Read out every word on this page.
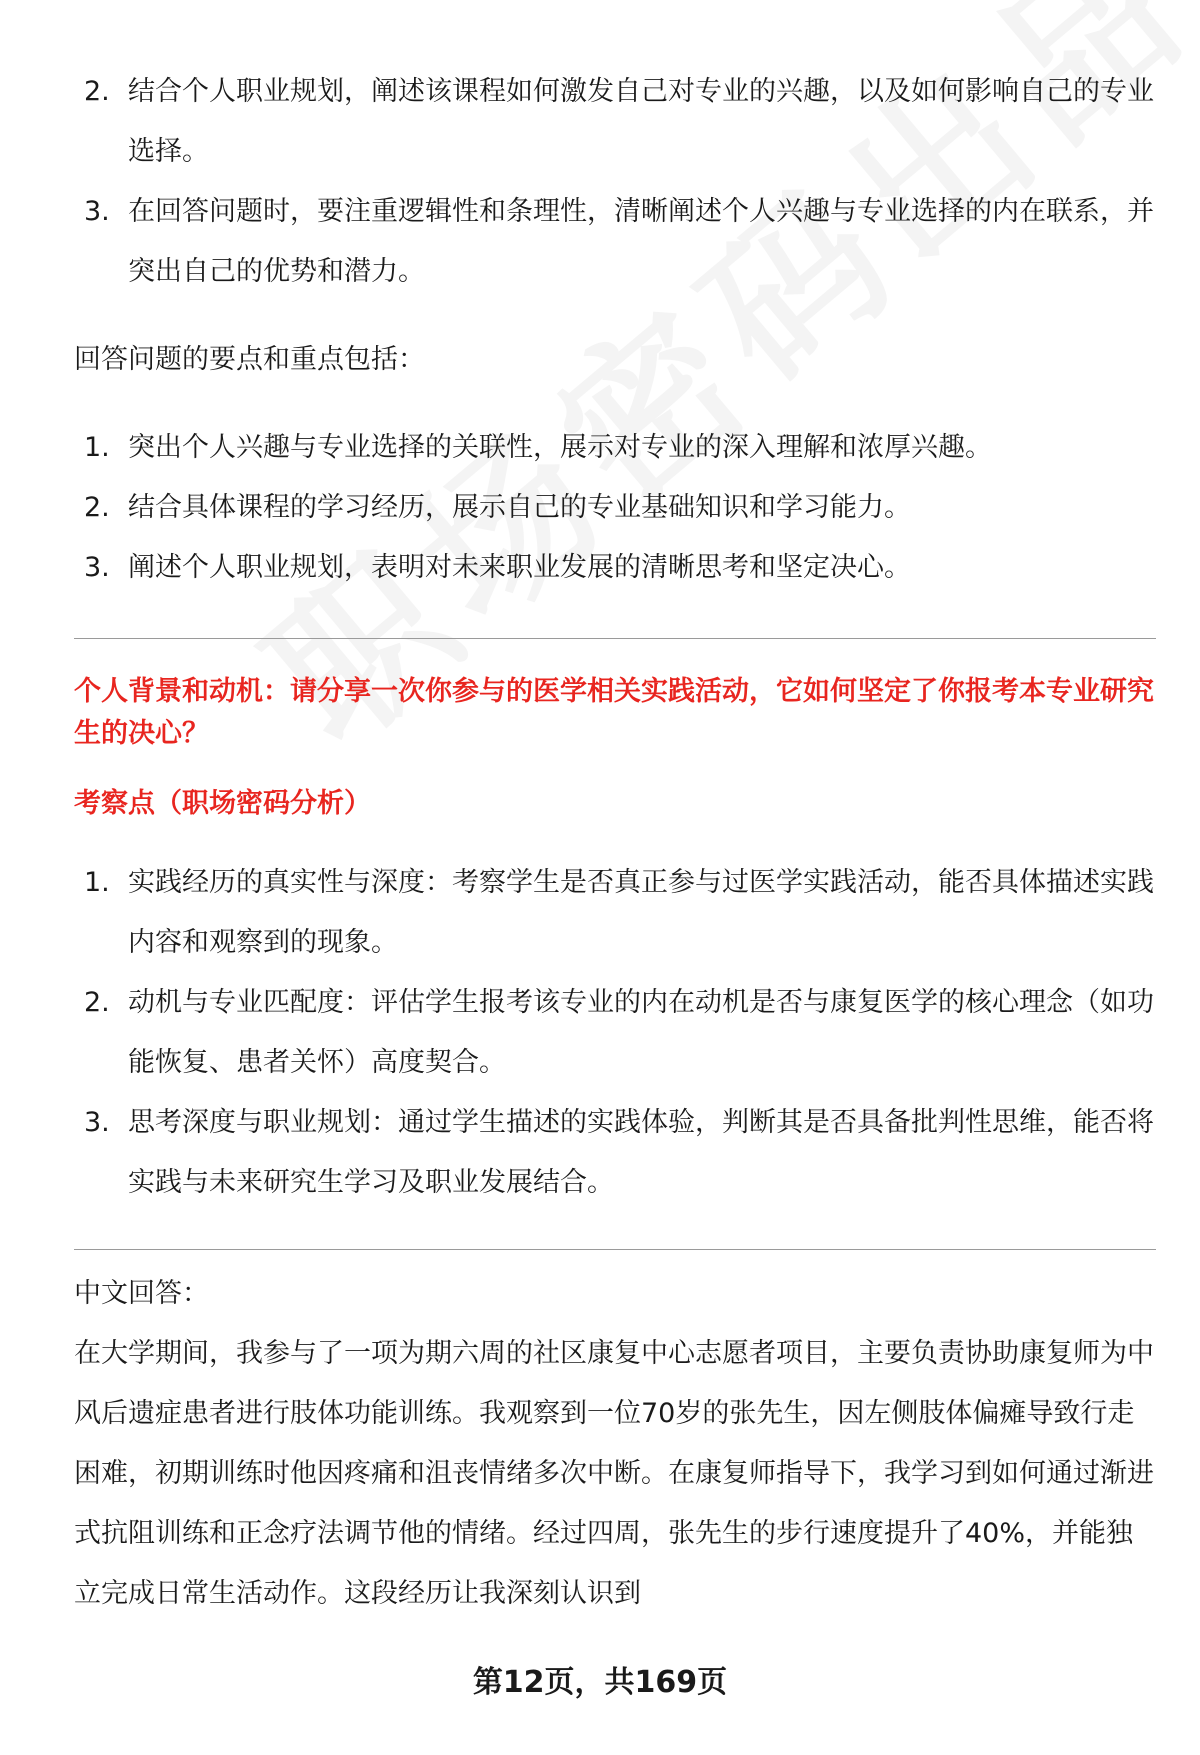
2. 结合个人职业规划，阐述该课程如何激发自己对专业的兴趣，以及如何影响自己的专业选择。
3. 在回答问题时，要注重逻辑性和条理性，清晰阐述个人兴趣与专业选择的内在联系，并突出自己的优势和潜力。

回答问题的要点和重点包括：

1. 突出个人兴趣与专业选择的关联性，展示对专业的深入理解和浓厚兴趣。
2. 结合具体课程的学习经历，展示自己的专业基础知识和学习能力。
3. 阐述个人职业规划，表明对未来职业发展的清晰思考和坚定决心。

个人背景和动机：请分享一次你参与的医学相关实践活动，它如何坚定了你报考本专业研究生的决心？

考察点（职场密码分析）

1. 实践经历的真实性与深度：考察学生是否真正参与过医学实践活动，能否具体描述实践内容和观察到的现象。
2. 动机与专业匹配度：评估学生报考该专业的内在动机是否与康复医学的核心理念（如功能恢复、患者关怀）高度契合。
3. 思考深度与职业规划：通过学生描述的实践体验，判断其是否具备批判性思维，能否将实践与未来研究生学习及职业发展结合。

中文回答：

在大学期间，我参与了一项为期六周的社区康复中心志愿者项目，主要负责协助康复师为中风后遗症患者进行肢体功能训练。我观察到一位70岁的张先生，因左侧肢体偏瘫导致行走困难，初期训练时他因疼痛和沮丧情绪多次中断。在康复师指导下，我学习到如何通过渐进式抗阻训练和正念疗法调节他的情绪。经过四周，张先生的步行速度提升了40%，并能独立完成日常生活动作。这段经历让我深刻认识到

第12页，共169页
